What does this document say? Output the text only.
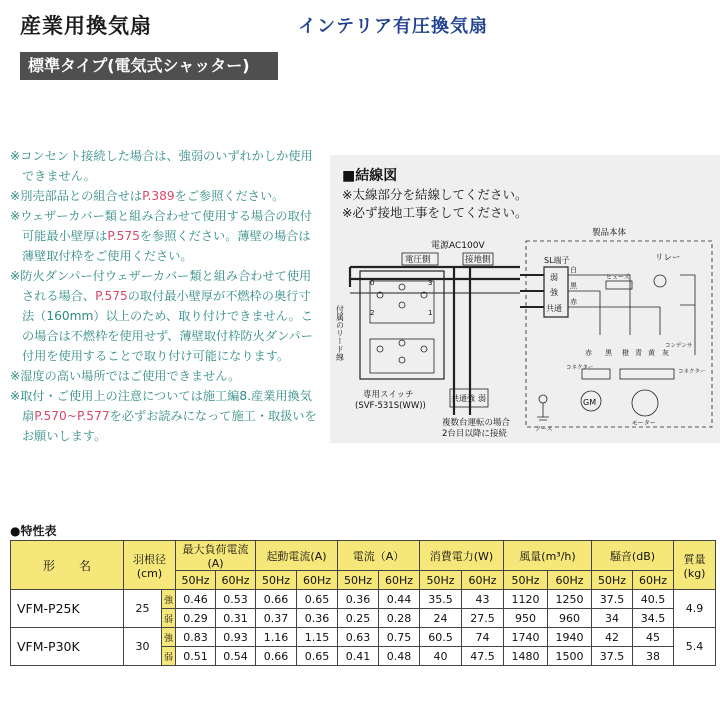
産業用換気扇	インテリア有圧換気扇
標準タイプ(電気式シャッター)
※コンセント接続した場合は、強弱のいずれかしか使用できません。
※別売部品との組合せはP.389をご参照ください。
※ウェザーカバー類と組み合わせて使用する場合の取付可能最小壁厚はP.575を参照ください。薄壁の場合は薄壁取付枠をご使用ください。
※防火ダンパー付ウェザーカバー類と組み合わせて使用される場合、P.575の取付最小壁厚が不燃枠の奥行寸法（160mm）以上のため、取り付けできません。この場合は不燃枠を使用せず、薄壁取付枠防火ダンパー付用を使用することで取り付け可能になります。
※湿度の高い場所ではご使用できません。
※取付・ご使用上の注意については施工編8.産業用換気扇P.570~P.577を必ずお読みになって施工・取扱いをお願いします。
■結線図
※太線部分を結線してください。
※必ず接地工事をしてください。
電源AC100V
電圧側	接地側
0	3
2	1
付属のリード線
専用スイッチ
(SVF-531S(WW))
共通 強 弱
複数台運転の場合
2台目以降に接続
製品本体
SL端子
弱
強
共通
ヒューズ
リレー
白
黒
赤
赤 黒 橙 青 黄 灰
コネクター
コネクター
コンデンサ
GM
モーター
アース
●特性表
形　　名	羽根径(cm)		最大負荷電流(A)		起動電流(A)		電流（A）		消費電力(W)		風量(m³/h)		騒音(dB)		質量(kg)
			50Hz	60Hz	50Hz	60Hz	50Hz	60Hz	50Hz	60Hz	50Hz	60Hz	50Hz	60Hz	
VFM-P25K	25	強	0.46	0.53	0.66	0.65	0.36	0.44	35.5	43	1120	1250	37.5	40.5	4.9
		弱	0.29	0.31	0.37	0.36	0.25	0.28	24	27.5	950	960	34	34.5	
VFM-P30K	30	強	0.83	0.93	1.16	1.15	0.63	0.75	60.5	74	1740	1940	42	45	5.4
		弱	0.51	0.54	0.66	0.65	0.41	0.48	40	47.5	1480	1500	37.5	38	
